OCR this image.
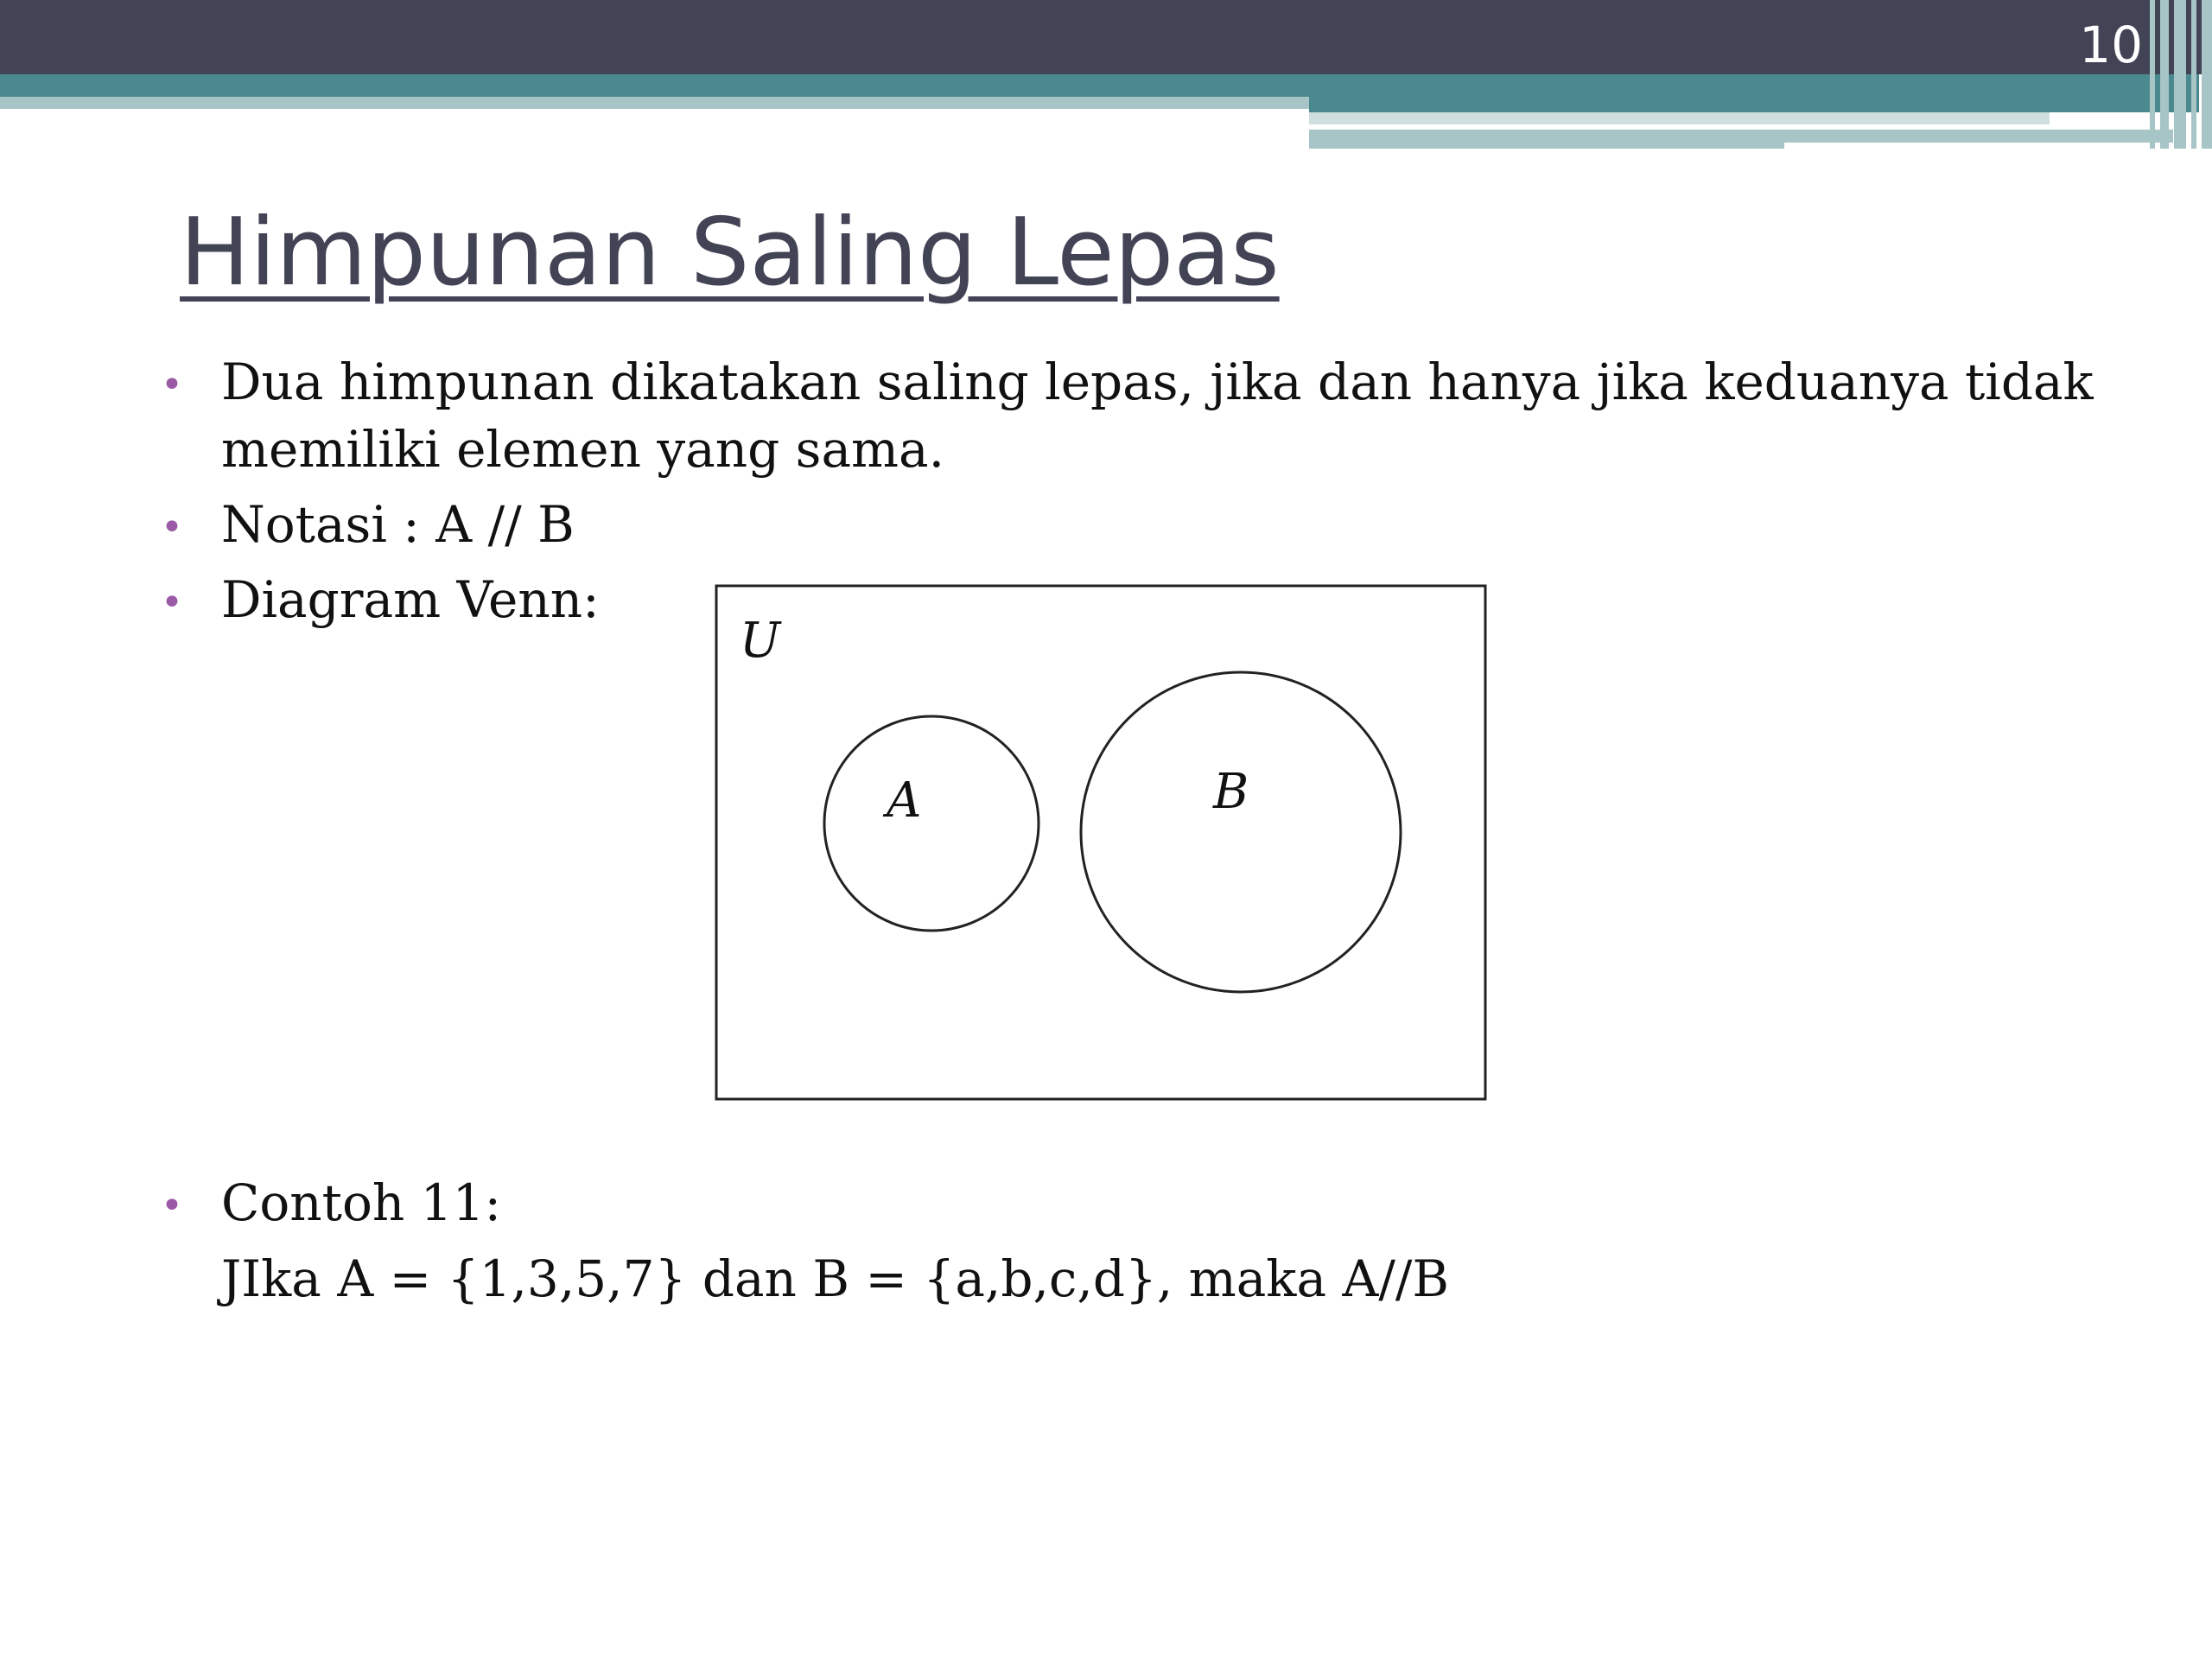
10
Himpunan Saling Lepas
• Dua himpunan dikatakan saling lepas, jika dan hanya jika keduanya tidak
memiliki elemen yang sama.
• Notasi : A // B
• Diagram Venn:
• Contoh 11:
JIka A = {1,3,5,7} dan B = {a,b,c,d}, maka A//B
U
A	B
